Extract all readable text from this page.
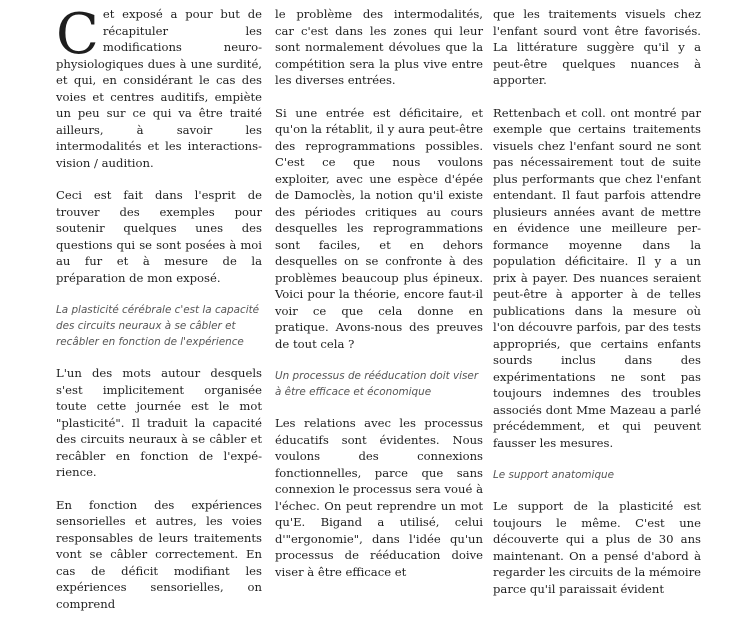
Cet exposé a pour but de récapituler les modifications neurophysiologiques dues à une surdité, et qui, en considérant le cas des voies et centres auditifs, empiète un peu sur ce qui va être traité ailleurs, à savoir les intermodalités et les interactionsvision / audition.

Ceci est fait dans l'esprit de trouver des exemples pour soutenir quelques unes des questions qui se sont posées à moi au fur et à mesure de la préparation de mon exposé.

La plasticité cérébrale c'est la capacité des circuits neuraux à se câbler et recâbler en fonction de l'expérience

L'un des mots autour desquels s'est implicitement organisée toute cette journée est le mot "plasticité". Il traduit la capacité des circuits neuraux à se câbler et recâbler en fonction de l'expérience.

En fonction des expériences sensorielles et autres, les voies responsables de leurs traitements vont se câbler correctement. En cas de déficit modifiant les expériences sensorielles, on comprend

le problème des intermodalités, car c'est dans les zones qui leur sont normalement dévolues que la compétition sera la plus vive entre les diverses entrées.

Si une entrée est déficitaire, et qu'on la rétablit, il y aura peut-être des reprogrammations possibles. C'est ce que nous voulons exploiter, avec une espèce d'épée de Damoclès, la notion qu'il existe des périodes critiques au cours desquelles les reprogrammations sont faciles, et en dehors desquelles on se confronte à des problèmes beaucoup plus épineux. Voici pour la théorie, encore faut-il voir ce que cela donne en pratique. Avons-nous des preuves de tout cela ?

Un processus de rééducation doit viser à être efficace et économique

Les relations avec les processus éducatifs sont évidentes. Nous voulons des connexions fonctionnelles, parce que sans connexion le processus sera voué à l'échec. On peut reprendre un mot qu'E. Bigand a utilisé, celui d'"ergonomie", dans l'idée qu'un processus de rééducation doive viser à être efficace et

que les traitements visuels chez l'enfant sourd vont être favorisés. La littérature suggère qu'il y a peut-être quelques nuances à apporter.

Rettenbach et coll. ont montré par exemple que certains traitements visuels chez l'enfant sourd ne sont pas nécessairement tout de suite plus performants que chez l'enfant entendant. Il faut parfois attendre plusieurs années avant de mettre en évidence une meilleure performance moyenne dans la population déficitaire. Il y a un prix à payer. Des nuances seraient peut-être à apporter à de telles publications dans la mesure où l'on découvre parfois, par des tests appropriés, que certains enfants sourds inclus dans des expérimentations ne sont pas toujours indemnes des troubles associés dont Mme Mazeau a parlé précédemment, et qui peuvent fausser les mesures.

Le support anatomique

Le support de la plasticité est toujours le même. C'est une découverte qui a plus de 30 ans maintenant. On a pensé d'abord à regarder les circuits de la mémoire parce qu'il paraissait évident
